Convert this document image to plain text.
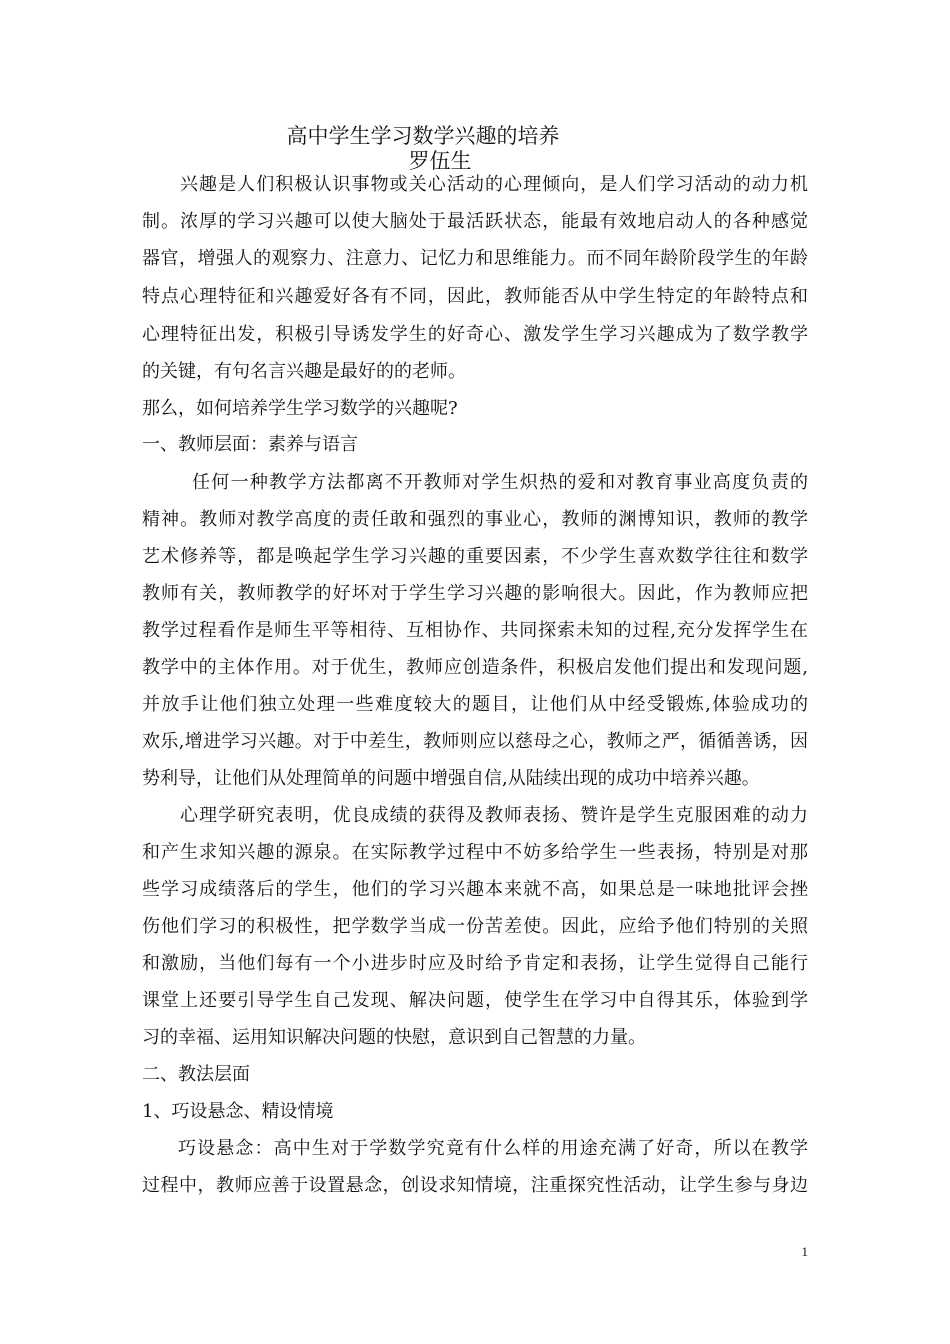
高中学生学习数学兴趣的培养
罗伍生
兴趣是人们积极认识事物或关心活动的心理倾向，是人们学习活动的动力机
制。浓厚的学习兴趣可以使大脑处于最活跃状态，能最有效地启动人的各种感觉
器官，增强人的观察力、注意力、记忆力和思维能力。而不同年龄阶段学生的年龄
特点心理特征和兴趣爱好各有不同，因此，教师能否从中学生特定的年龄特点和
心理特征出发，积极引导诱发学生的好奇心、激发学生学习兴趣成为了数学教学
的关键，有句名言兴趣是最好的的老师。
那么，如何培养学生学习数学的兴趣呢?
一、教师层面：素养与语言
任何一种教学方法都离不开教师对学生炽热的爱和对教育事业高度负责的
精神。教师对教学高度的责任敢和强烈的事业心，教师的渊博知识，教师的教学
艺术修养等，都是唤起学生学习兴趣的重要因素，不少学生喜欢数学往往和数学
教师有关，教师教学的好坏对于学生学习兴趣的影响很大。因此，作为教师应把
教学过程看作是师生平等相待、互相协作、共同探索未知的过程,充分发挥学生在
教学中的主体作用。对于优生，教师应创造条件，积极启发他们提出和发现问题,
并放手让他们独立处理一些难度较大的题目，让他们从中经受锻炼,体验成功的
欢乐,增进学习兴趣。对于中差生，教师则应以慈母之心，教师之严，循循善诱，因
势利导，让他们从处理简单的问题中增强自信,从陆续出现的成功中培养兴趣。
心理学研究表明，优良成绩的获得及教师表扬、赞许是学生克服困难的动力
和产生求知兴趣的源泉。在实际教学过程中不妨多给学生一些表扬，特别是对那
些学习成绩落后的学生，他们的学习兴趣本来就不高，如果总是一味地批评会挫
伤他们学习的积极性，把学数学当成一份苦差使。因此，应给予他们特别的关照
和激励，当他们每有一个小进步时应及时给予肯定和表扬，让学生觉得自己能行
课堂上还要引导学生自己发现、解决问题，使学生在学习中自得其乐，体验到学
习的幸福、运用知识解决问题的快慰，意识到自己智慧的力量。
二、教法层面
1、巧设悬念、精设情境
巧设悬念：高中生对于学数学究竟有什么样的用途充满了好奇，所以在教学
过程中，教师应善于设置悬念，创设求知情境，注重探究性活动，让学生参与身边
1
